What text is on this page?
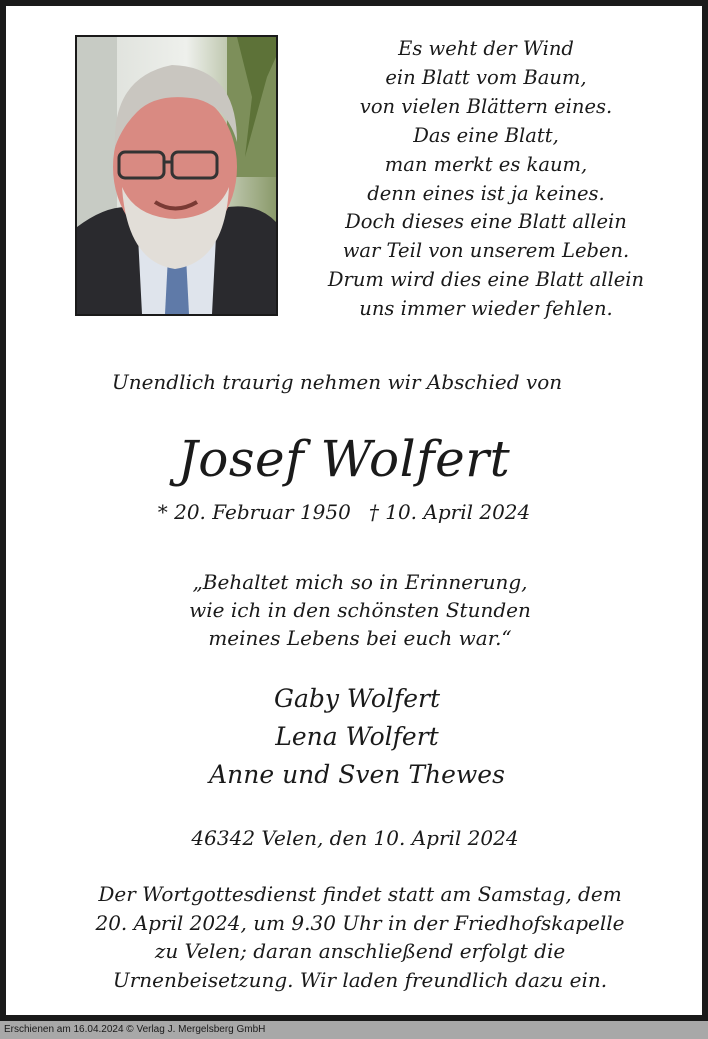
Es weht der Wind
ein Blatt vom Baum,
von vielen Blättern eines.
Das eine Blatt,
man merkt es kaum,
denn eines ist ja keines.
Doch dieses eine Blatt allein
war Teil von unserem Leben.
Drum wird dies eine Blatt allein
uns immer wieder fehlen.
Unendlich traurig nehmen wir Abschied von
Josef Wolfert
* 20. Februar 1950 † 10. April 2024
„Behaltet mich so in Erinnerung,
wie ich in den schönsten Stunden
meines Lebens bei euch war.“
Gaby Wolfert
Lena Wolfert
Anne und Sven Thewes
46342 Velen, den 10. April 2024
Der Wortgottesdienst findet statt am Samstag, dem
20. April 2024, um 9.30 Uhr in der Friedhofskapelle
zu Velen; daran anschließend erfolgt die
Urnenbeisetzung. Wir laden freundlich dazu ein.
Erschienen am 16.04.2024 © Verlag J. Mergelsberg GmbH
